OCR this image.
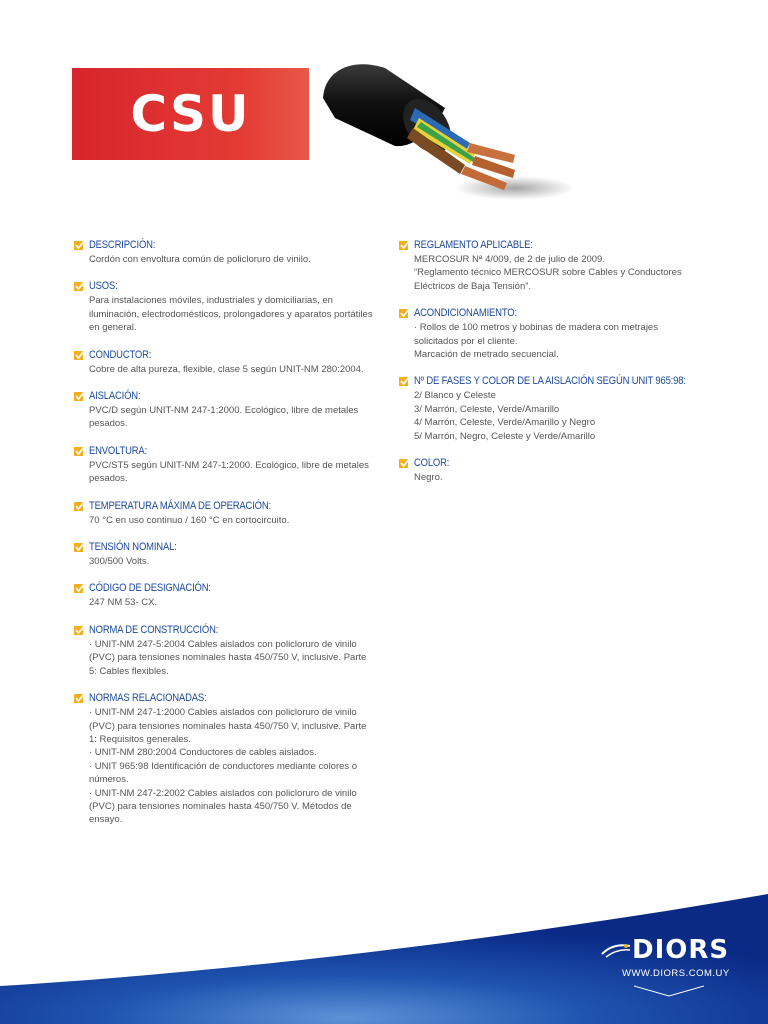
CSU
DESCRIPCIÓN:
Cordón con envoltura común de policloruro de vinilo.
USOS:
Para instalaciones móviles, industriales y domiciliarias, en iluminación, electrodomésticos, prolongadores y aparatos portátiles en general.
CONDUCTOR:
Cobre de alta pureza, flexible, clase 5 según UNIT-NM 280:2004.
AISLACIÓN:
PVC/D según UNIT-NM 247-1:2000. Ecológico, libre de metales pesados.
ENVOLTURA:
PVC/ST5 según UNIT-NM 247-1:2000. Ecológico, libre de metales pesados.
TEMPERATURA MÁXIMA DE OPERACIÓN:
70 °C en uso continuo / 160 °C en cortocircuito.
TENSIÓN NOMINAL:
300/500 Volts.
CÓDIGO DE DESIGNACIÓN:
247 NM 53- CX.
NORMA DE CONSTRUCCIÓN:
· UNIT-NM 247-5:2004 Cables aislados con policloruro de vinilo (PVC) para tensiones nominales hasta 450/750 V, inclusive. Parte 5: Cables flexibles.
NORMAS RELACIONADAS:
· UNIT-NM 247-1:2000 Cables aislados con policloruro de vinilo (PVC) para tensiones nominales hasta 450/750 V, inclusive. Parte 1: Requisitos generales.
· UNIT-NM 280:2004 Conductores de cables aislados.
· UNIT 965:98 Identificación de conductores mediante colores o números.
· UNIT-NM 247-2:2002 Cables aislados con policloruro de vinilo (PVC) para tensiones nominales hasta 450/750 V. Métodos de ensayo.
REGLAMENTO APLICABLE:
MERCOSUR Nª 4/009, de 2 de julio de 2009.
“Reglamento técnico MERCOSUR sobre Cables y Conductores Eléctricos de Baja Tensión”.
ACONDICIONAMIENTO:
· Rollos de 100 metros y bobinas de madera con metrajes solicitados por el cliente.
Marcación de metrado secuencial.
Nº DE FASES Y COLOR DE LA AISLACIÓN SEGÚN UNIT 965:98:
2/ Blanco y Celeste
3/ Marrón, Celeste, Verde/Amarillo
4/ Marrón, Celeste, Verde/Amarillo y Negro
5/ Marrón, Negro, Celeste y Verde/Amarillo
COLOR:
Negro.
DIORS
WWW.DIORS.COM.UY
